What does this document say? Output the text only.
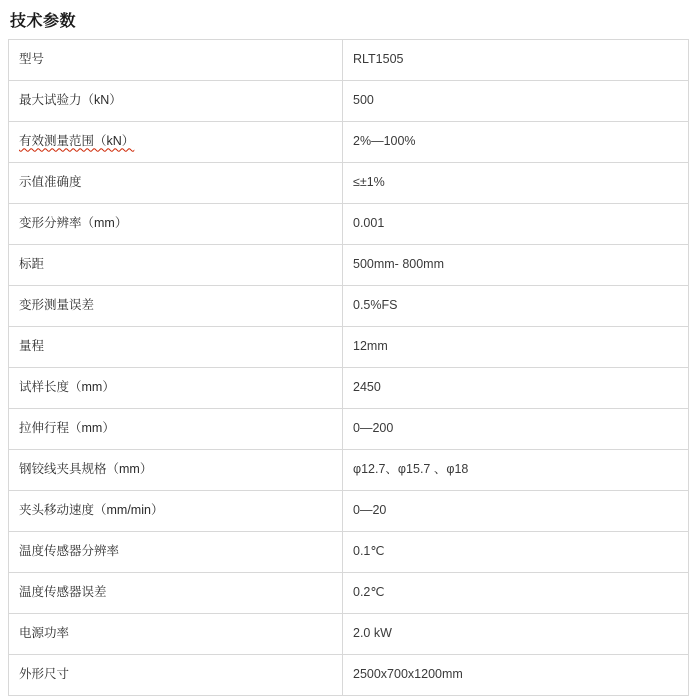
技术参数
型号	RLT1505
最大试验力（kN）	500
有效测量范围（kN）	2%—100%
示值准确度	≤±1%
变形分辨率（mm）	0.001
标距	500mm- 800mm
变形测量误差	0.5%FS
量程	12mm
试样长度（mm）	2450
拉伸行程（mm）	0—200
钢铰线夹具规格（mm）	φ12.7、φ15.7 、φ18
夹头移动速度（mm/min）	0—20
温度传感器分辨率	0.1℃
温度传感器误差	0.2℃
电源功率	2.0 kW
外形尺寸	2500x700x1200mm
